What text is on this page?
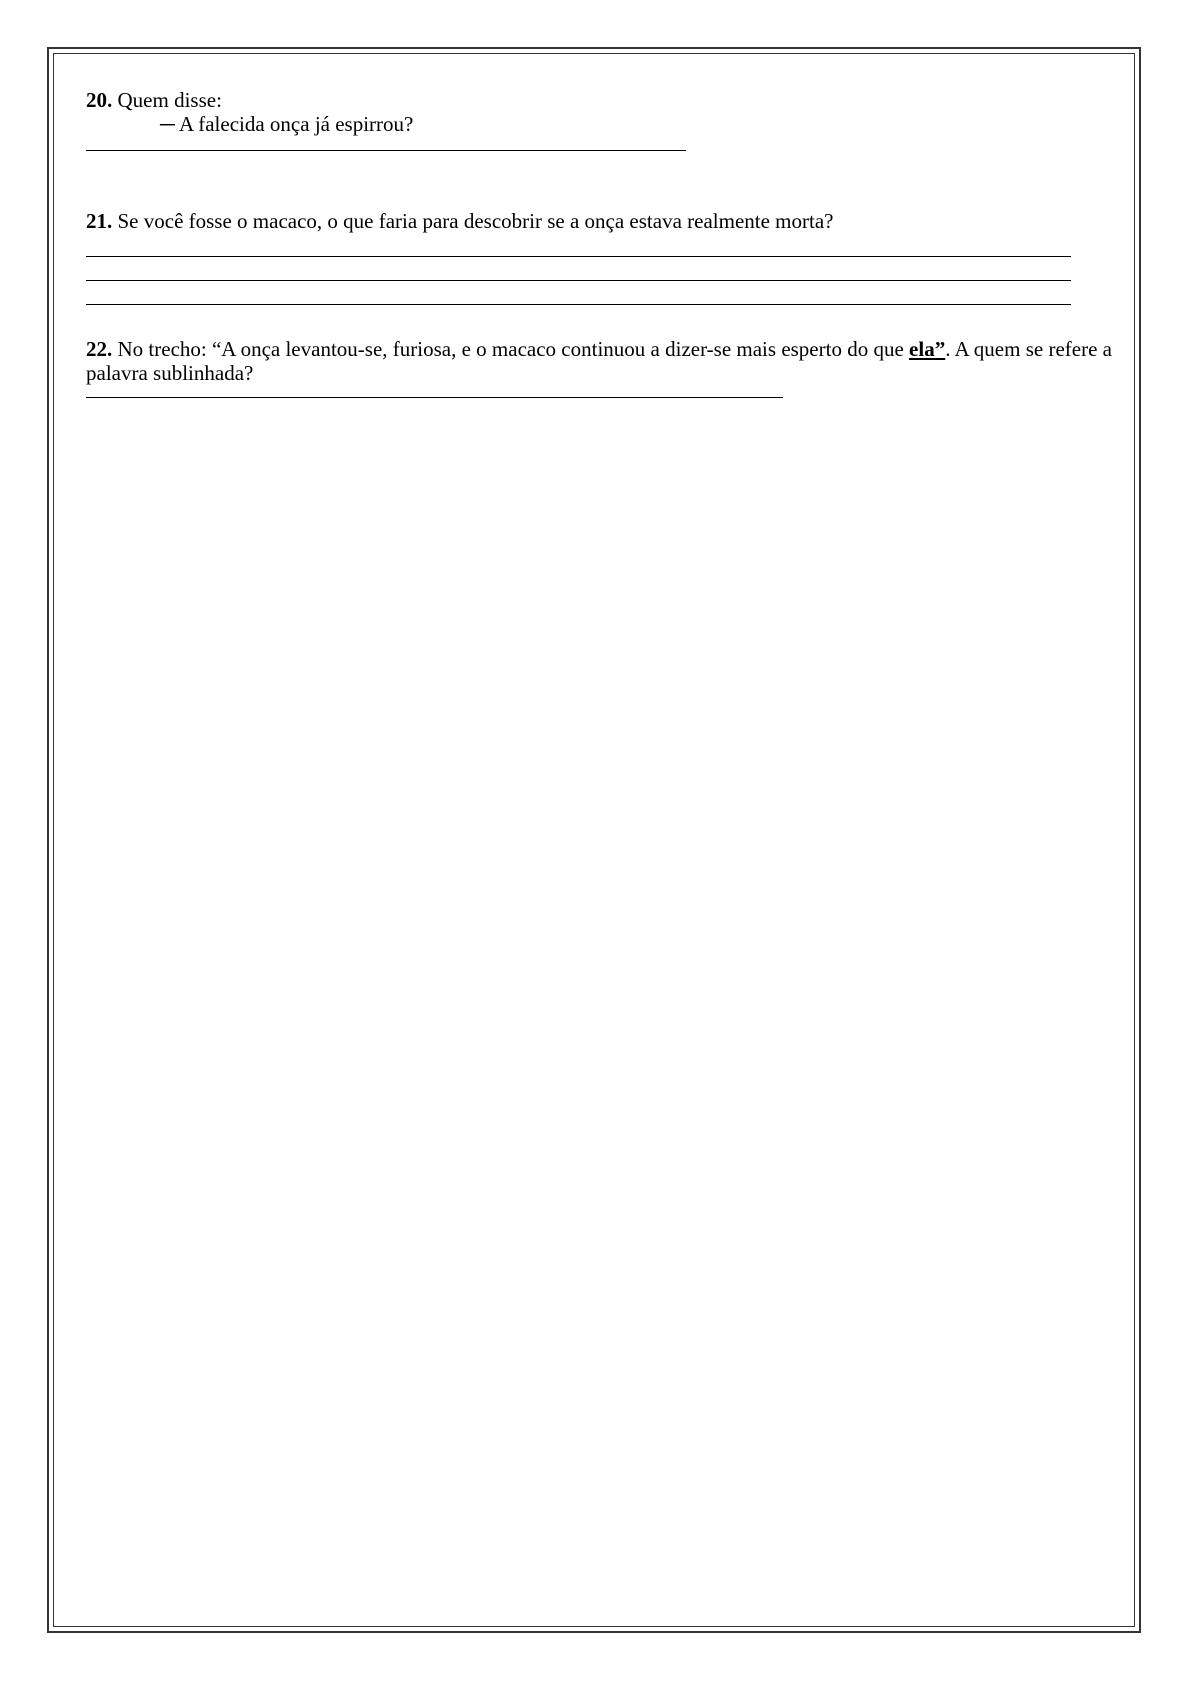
20. Quem disse:
─ A falecida onça já espirrou?
21. Se você fosse o macaco, o que faria para descobrir se a onça estava realmente morta?
22. No trecho: “A onça levantou-se, furiosa, e o macaco continuou a dizer-se mais esperto do que ela”. A quem se refere a palavra sublinhada?
